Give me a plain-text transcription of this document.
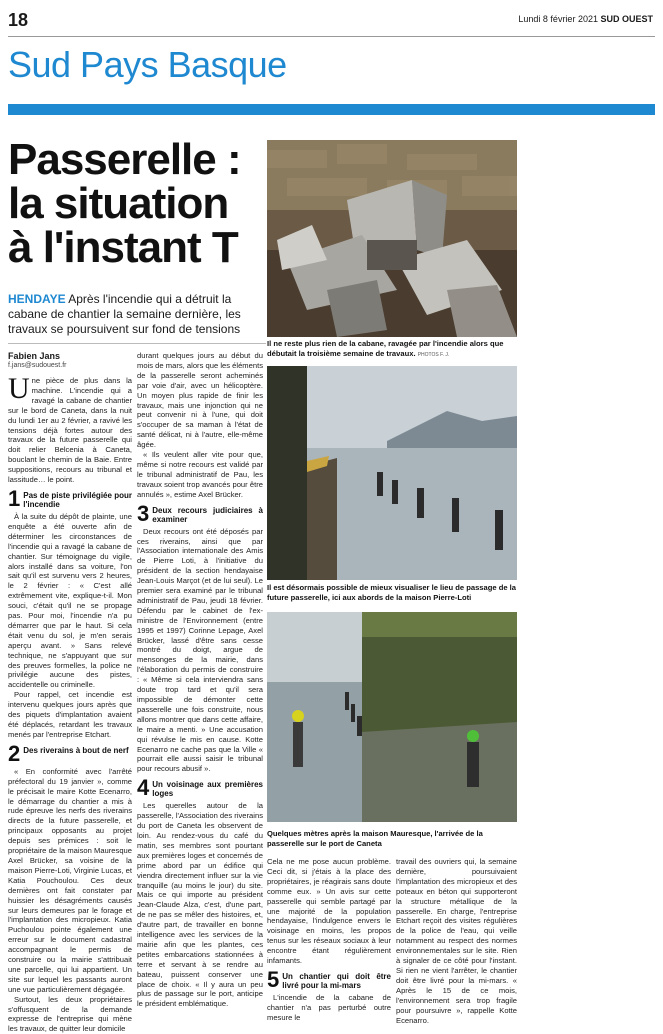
18	Lundi 8 février 2021 SUD OUEST
Sud Pays Basque
Passerelle :
la situation
à l'instant T
HENDAYE Après l'incendie qui a détruit la cabane de chantier la semaine dernière, les travaux se poursuivent sur fond de tensions
Fabien Jans
f.jans@sudouest.fr

Une pièce de plus dans la machine. L'incendie qui a ravagé la cabane de chantier sur le bord de Caneta, dans la nuit du lundi 1er au 2 février, a ravivé les tensions déjà fortes autour des travaux de la future passerelle qui doit relier Belcenia à Caneta, bouclant le chemin de la Baie. Entre suppositions, recours au tribunal et lassitude… le point.

1 Pas de piste privilégiée pour l'incendie

À la suite du dépôt de plainte, une enquête a été ouverte afin de déterminer les circonstances de l'incendie qui a ravagé la cabane de chantier. Sur témoignage du vigile, alors installé dans sa voiture, l'on sait qu'il est survenu vers 2 heures, le 2 février : « C'est allé extrêmement vite, explique-t-il. Mon souci, c'était qu'il ne se propage pas. Pour moi, l'incendie n'a pu démarrer que par le haut. Si cela était venu du sol, je m'en serais aperçu avant. » Sans relevé technique, ne s'appuyant que sur des preuves formelles, la police ne privilégie aucune des pistes, accidentelle ou criminelle.

Pour rappel, cet incendie est intervenu quelques jours après que des piquets d'implantation avaient été déplacés, retardant les travaux menés par l'entreprise Etchart.

2 Des riverains à bout de nerf

« En conformité avec l'arrêté préfectoral du 19 janvier », comme le précisait le maire Kotte Ecenarro, le démarrage du chantier a mis à rude épreuve les nerfs des riverains directs de la future passerelle, et principaux opposants au projet depuis ses prémices : soit le propriétaire de la maison Mauresque Axel Brücker, sa voisine de la maison Pierre-Loti, Virginie Lucas, et Katia Pouchoulou. Ces deux dernières ont fait constater par huissier les désagréments causés sur leurs demeures par le forage et l'implantation des micropieux. Katia Puchoulou pointe également une erreur sur le document cadastral accompagnant le permis de construire ou la mairie s'attribuait une parcelle, qui lui appartient. Un site sur lequel les passants auront une vue particulièrement dégagée.

Surtout, les deux propriétaires s'offusquent de la demande expresse de l'entreprise qui mène les travaux, de quitter leur domicile

durant quelques jours au début du mois de mars, alors que les éléments de la passerelle seront acheminés par voie d'air, avec un hélicoptère. Un moyen plus rapide de finir les travaux, mais une injonction qui ne peut convenir ni à l'une, qui doit s'occuper de sa maman à l'état de santé délicat, ni à l'autre, elle-même âgée.

« Ils veulent aller vite pour que, même si notre recours est validé par le tribunal administratif de Pau, les travaux soient trop avancés pour être annulés », estime Axel Brücker.

3 Deux recours judiciaires à examiner

Deux recours ont été déposés par ces riverains, ainsi que par l'Association internationale des Amis de Pierre Loti, à l'initiative du président de la section hendayaise Jean-Louis Marçot (et de lui seul). Le premier sera examiné par le tribunal administratif de Pau, jeudi 18 février. Défendu par le cabinet de l'ex-ministre de l'Environnement (entre 1995 et 1997) Corinne Lepage, Axel Brücker, lassé d'être sans cesse montré du doigt, argue de mensonges de la mairie, dans l'élaboration du permis de construire : « Même si cela interviendra sans doute trop tard et qu'il sera impossible de démonter cette passerelle une fois construite, nous allons montrer que dans cette affaire, le maire a menti. » Une accusation qui révulse le mis en cause. Kotte Ecenarro ne cache pas que la Ville « pourrait elle aussi saisir le tribunal pour recours abusif ».

4 Un voisinage aux premières loges

Les querelles autour de la passerelle, l'Association des riverains du port de Caneta les observent de loin. Au rendez-vous du café du matin, ses membres sont pourtant aux premières loges et concernés de prime abord par un édifice qui viendra directement influer sur la vie tranquille (au moins le jour) du site. Mais ce qui importe au président Jean-Claude Alza, c'est, d'une part, de ne pas se mêler des histoires, et, d'autre part, de travailler en bonne intelligence avec les services de la mairie afin que les plantes, ces petites embarcations stationnées à terre et servant à se rendre au bateau, puissent conserver une place de choix. « Il y aura un peu plus de passage sur le port, anticipe le président emblématique.

Il ne reste plus rien de la cabane, ravagée par l'incendie alors que débutait la troisième semaine de travaux. PHOTOS F. J.
Il est désormais possible de mieux visualiser le lieu de passage de la future passerelle, ici aux abords de la maison Pierre-Loti
Quelques mètres après la maison Mauresque, l'arrivée de la passerelle sur le port de Caneta

Cela ne me pose aucun problème. Ceci dit, si j'étais à la place des propriétaires, je réagirais sans doute comme eux. » Un avis sur cette passerelle qui semble partagé par une majorité de la population hendayaise, l'indulgence envers le voisinage en moins, les propos tenus sur les réseaux sociaux à leur encontre étant régulièrement infamants.

5 Un chantier qui doit être livré pour la mi-mars

L'incendie de la cabane de chantier n'a pas perturbé outre mesure le

travail des ouvriers qui, la semaine dernière, poursuivaient l'implantation des micropieux et des poteaux en béton qui supporteront la structure métallique de la passerelle. En charge, l'entreprise Etchart reçoit des visites régulières de la police de l'eau, qui veille notamment au respect des normes environnementales sur le site. Rien à signaler de ce côté pour l'instant. Si rien ne vient l'arrêter, le chantier doit être livré pour la mi-mars. « Après le 15 de ce mois, l'environnement sera trop fragile pour poursuivre », rappelle Kotte Ecenarro.
